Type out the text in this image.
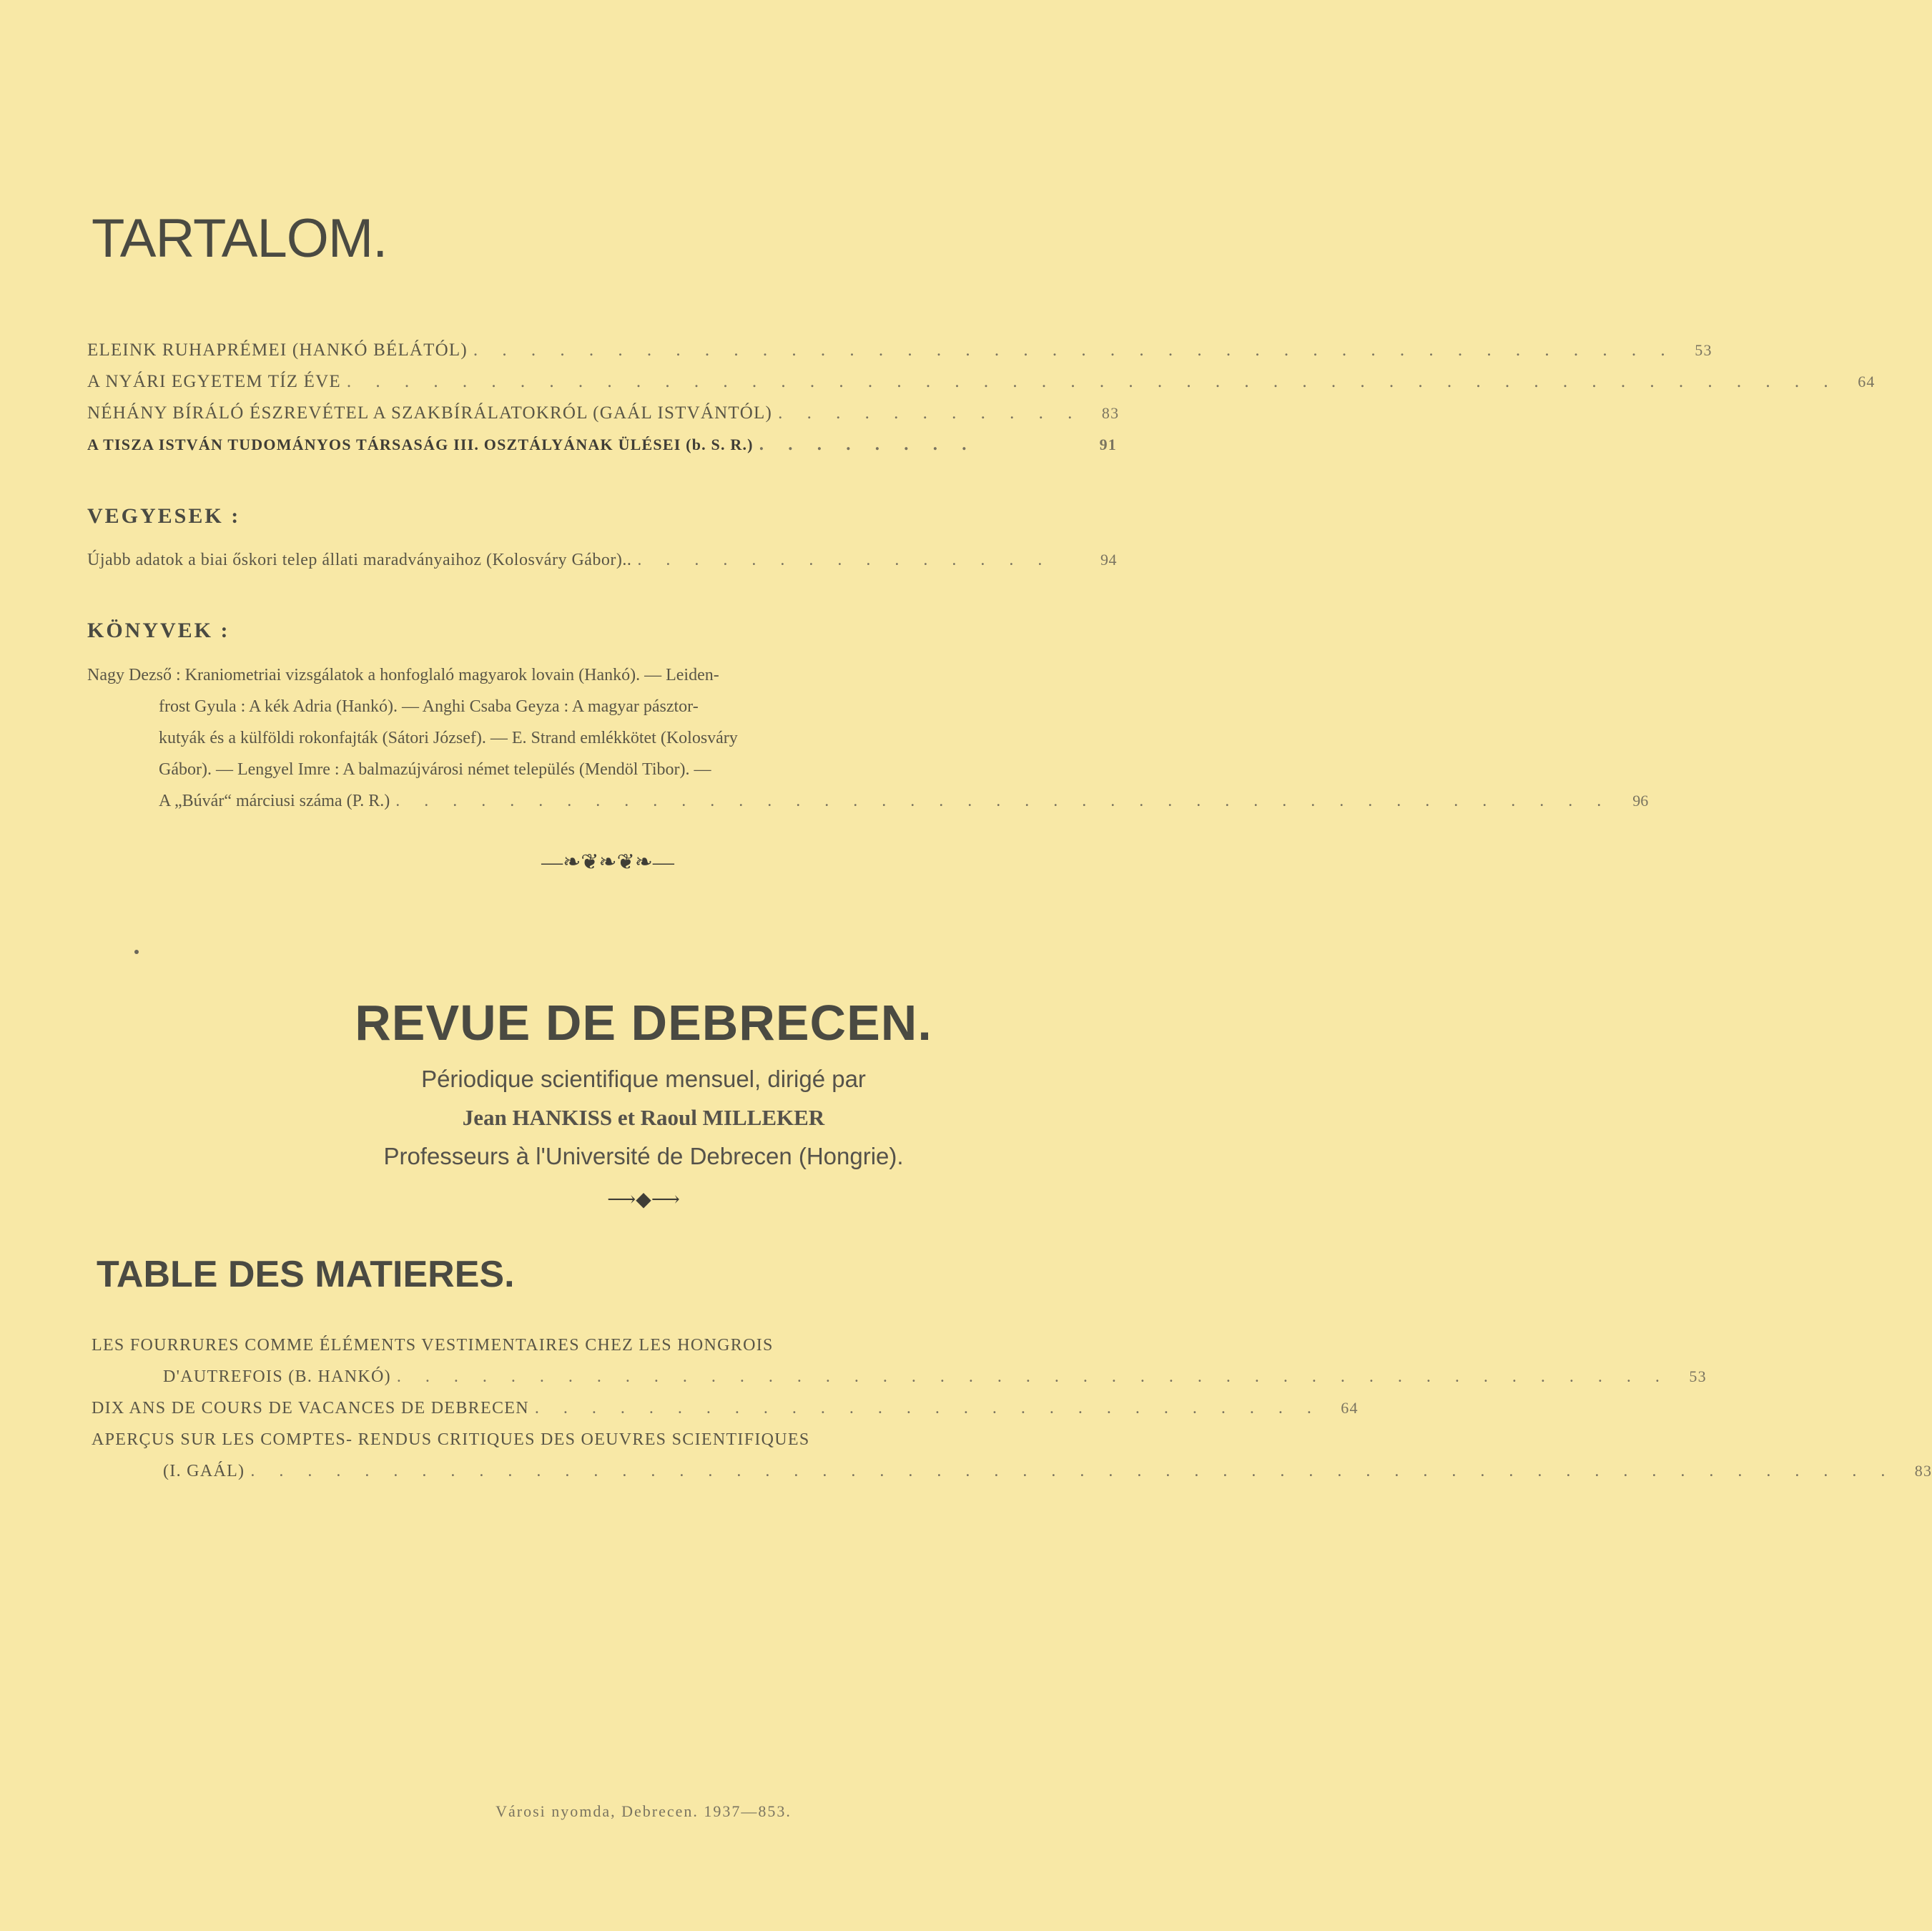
TARTALOM.
ELEINK RUHAPRÉMEI (HANKÓ BÉLÁTÓL) . . . . . . . . . . . . . . . . . . . . . . . . . . . . . . . . . . . . . . . . . .	53
A NYÁRI EGYETEM TÍZ ÉVE . . . . . . . . . . . . . . . . . . . . . . . . . . . . . . . . . . . . . . . . . . . . . . . . . . . .	64
NÉHÁNY BÍRÁLÓ ÉSZREVÉTEL A SZAKBÍRÁLATOKRÓL (GAÁL ISTVÁNTÓL) . . . . . . . . . . .	83
A TISZA ISTVÁN TUDOMÁNYOS TÁRSASÁG III. OSZTÁLYÁNAK ÜLÉSEI (b. S. R.) . . . . . . . .	91
VEGYESEK :
Újabb adatok a biai őskori telep állati maradványaihoz (Kolosváry Gábor).. . . . . . . . . . . . . . . .	94
KÖNYVEK :
Nagy Dezső : Kraniometriai vizsgálatok a honfoglaló magyarok lovain (Hankó). — Leiden-
frost Gyula : A kék Adria (Hankó). — Anghi Csaba Geyza : A magyar pásztor-
kutyák és a külföldi rokonfajták (Sátori József). — E. Strand emlékkötet (Kolosváry
Gábor). — Lengyel Imre : A balmazújvárosi német település (Mendöl Tibor). —
A „Búvár“ márciusi száma (P. R.) . . . . . . . . . . . . . . . . . . . . . . . . . . . . . . . . . . . . . . . . . . .	96
—❧❦❧❦❧—
REVUE DE DEBRECEN.
Périodique scientifique mensuel, dirigé par
Jean HANKISS et Raoul MILLEKER
Professeurs à l'Université de Debrecen (Hongrie).
⟶◆⟶
TABLE DES MATIERES.
LES FOURRURES COMME ÉLÉMENTS VESTIMENTAIRES CHEZ LES HONGROIS
D'AUTREFOIS (B. HANKÓ) . . . . . . . . . . . . . . . . . . . . . . . . . . . . . . . . . . . . . . . . . . . . .	53
DIX ANS DE COURS DE VACANCES DE DEBRECEN . . . . . . . . . . . . . . . . . . . . . . . . . . . .	64
APERÇUS SUR LES COMPTES- RENDUS CRITIQUES DES OEUVRES SCIENTIFIQUES
(I. GAÁL) . . . . . . . . . . . . . . . . . . . . . . . . . . . . . . . . . . . . . . . . . . . . . . . . . . . . . . . . . .	83
Városi nyomda, Debrecen. 1937—853.
